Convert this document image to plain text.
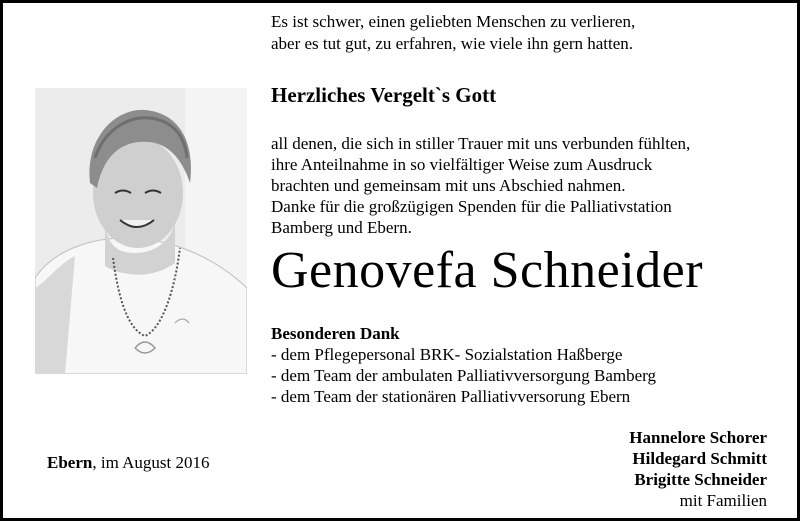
Es ist schwer, einen geliebten Menschen zu verlieren,
aber es tut gut, zu erfahren, wie viele ihn gern hatten.
Herzliches Vergelt`s Gott
all denen, die sich in stiller Trauer mit uns verbunden fühlten,
ihre Anteilnahme in so vielfältiger Weise zum Ausdruck
brachten und gemeinsam mit uns Abschied nahmen.
Danke für die großzügigen Spenden für die Palliativstation
Bamberg und Ebern.
Genovefa Schneider
Besonderen Dank
- dem Pflegepersonal BRK- Sozialstation Haßberge
- dem Team der ambulaten Palliativversorgung Bamberg
- dem Team der stationären Palliativversorung Ebern
Ebern, im August 2016
Hannelore Schorer
Hildegard Schmitt
Brigitte Schneider
mit Familien
